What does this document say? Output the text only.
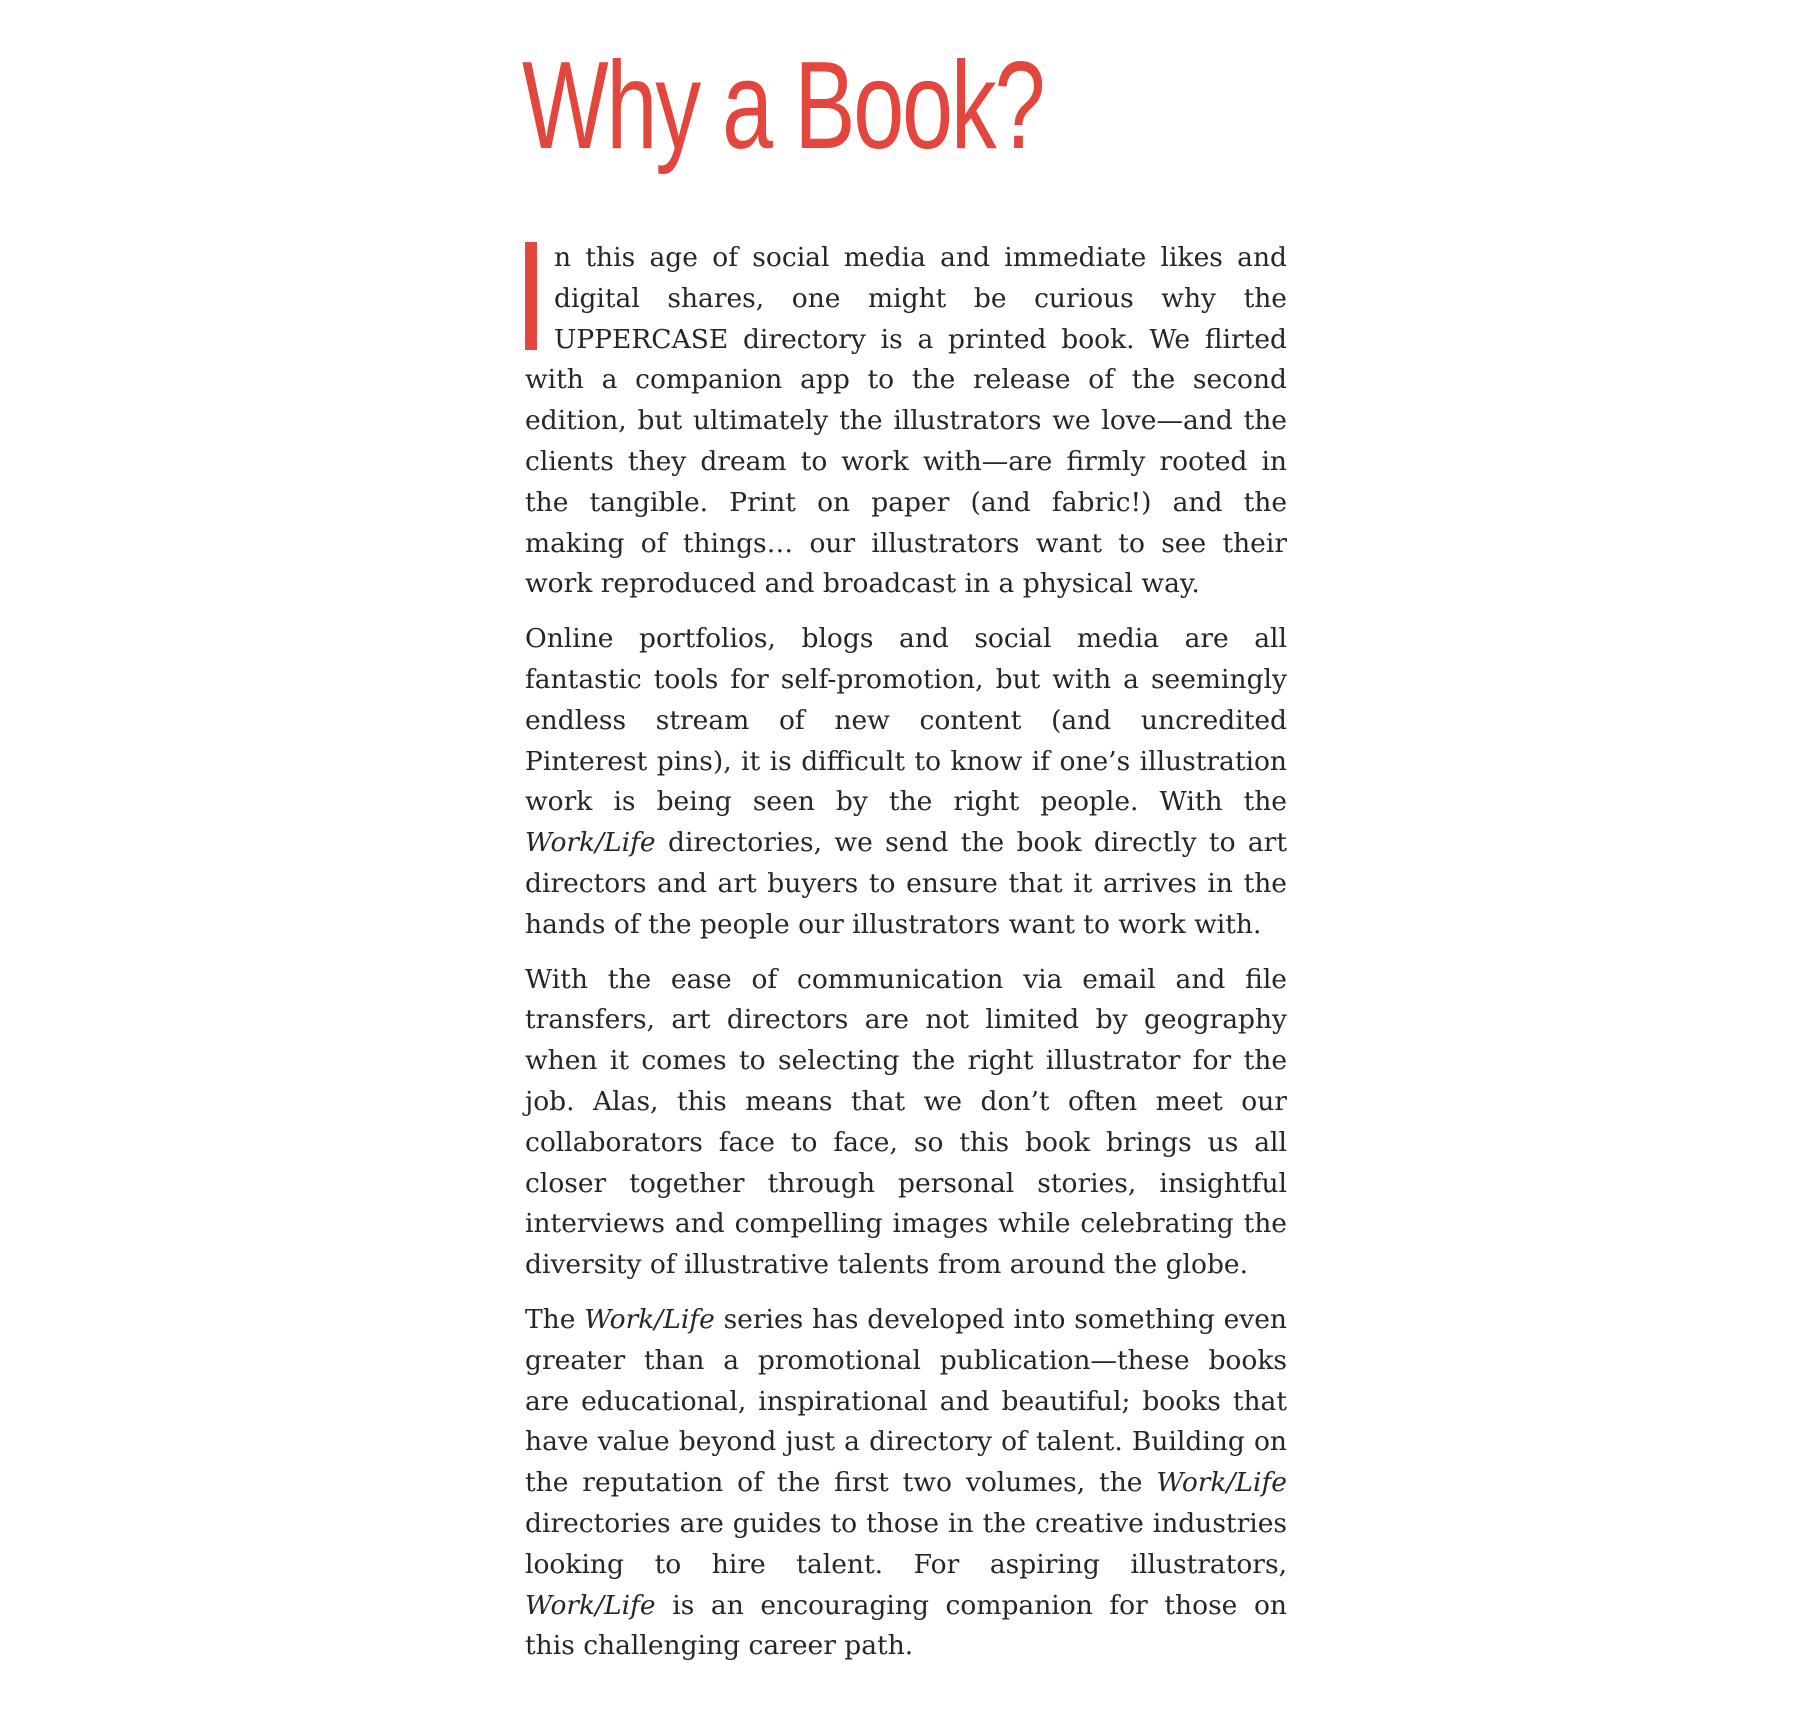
Why a Book?

n this age of social media and immediate likes and digital shares, one might be curious why the UPPERCASE directory is a printed book. We flirted with a companion app to the release of the second edition, but ultimately the illustrators we love—and the clients they dream to work with—are firmly rooted in the tangible. Print on paper (and fabric!) and the making of things… our illustrators want to see their work reproduced and broadcast in a physical way.

Online portfolios, blogs and social media are all fantastic tools for self-promotion, but with a seemingly endless stream of new content (and uncredited Pinterest pins), it is difficult to know if one’s illustration work is being seen by the right people. With the Work/Life directories, we send the book directly to art directors and art buyers to ensure that it arrives in the hands of the people our illustrators want to work with.

With the ease of communication via email and file transfers, art directors are not limited by geography when it comes to selecting the right illustrator for the job. Alas, this means that we don’t often meet our collaborators face to face, so this book brings us all closer together through personal stories, insightful interviews and compelling images while celebrating the diversity of illustrative talents from around the globe.

The Work/Life series has developed into something even greater than a promotional publication—these books are educational, inspirational and beautiful; books that have value beyond just a directory of talent. Building on the reputation of the first two volumes, the Work/Life directories are guides to those in the creative industries looking to hire talent. For aspiring illustrators, Work/Life is an encouraging companion for those on this challenging career path.
